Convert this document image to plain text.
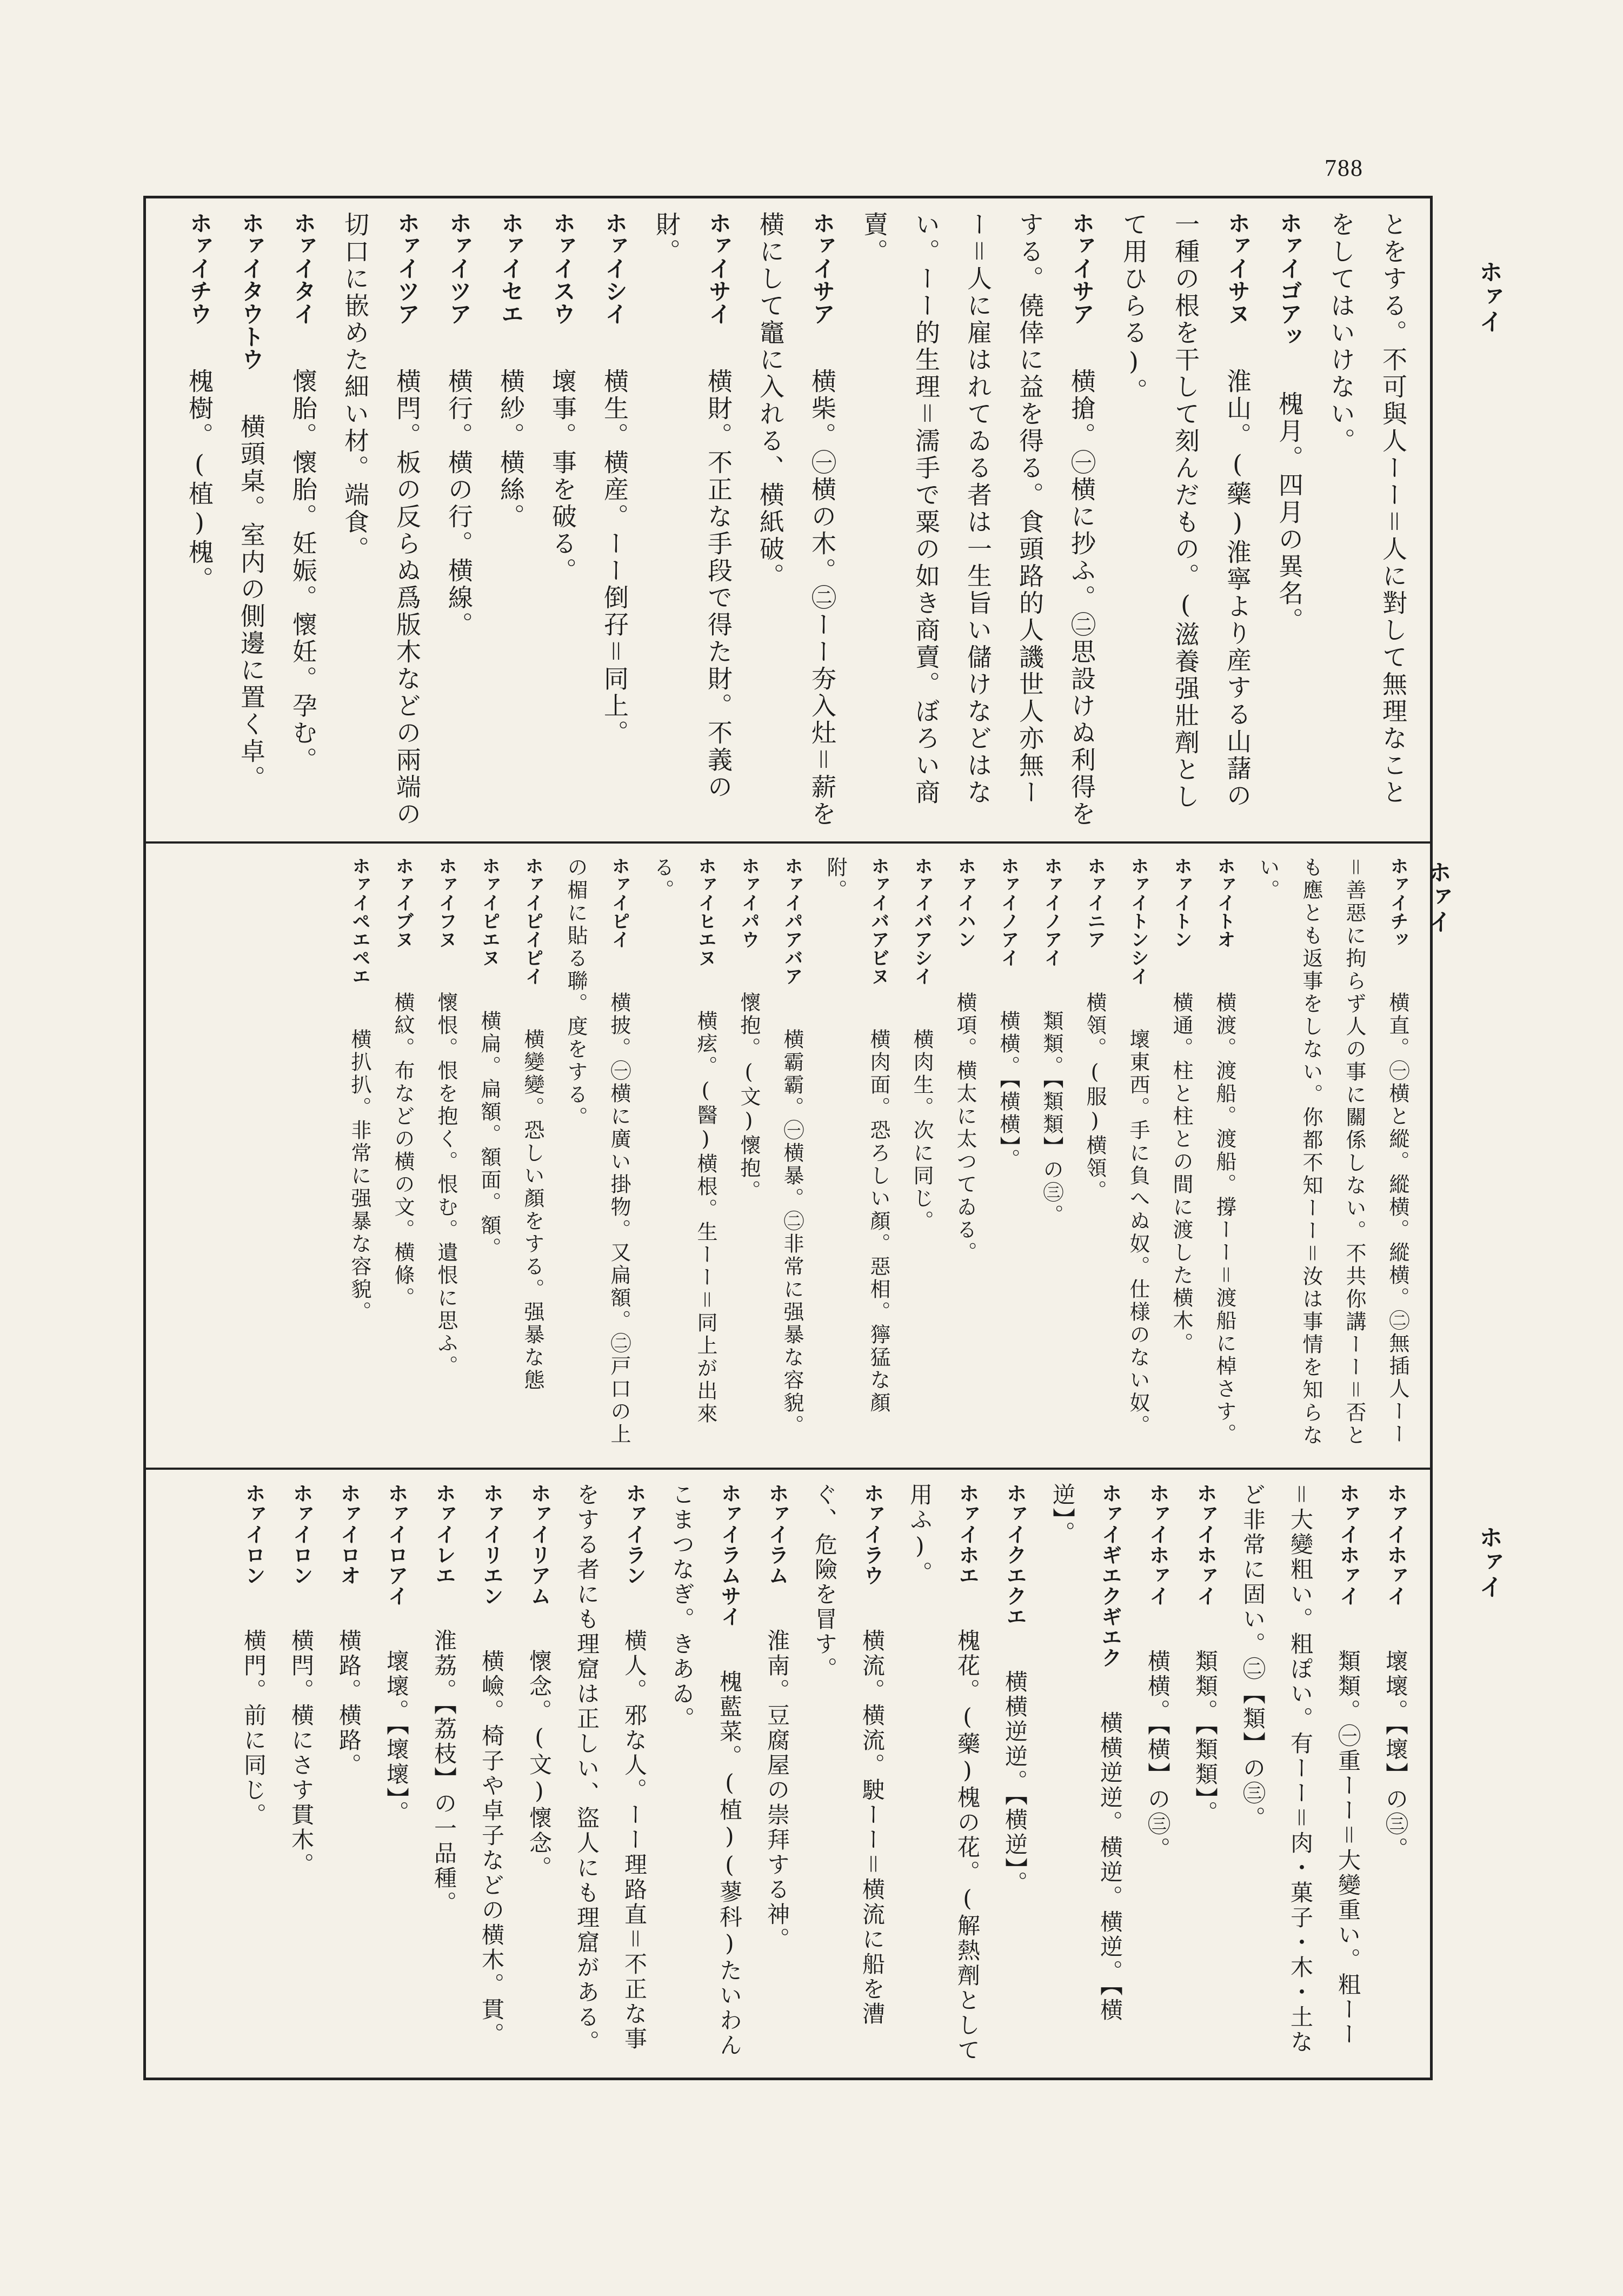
788
ホァイ
ホァイ
ホァイ
とをする。不可與人ーー＝人に對して無理なことをしてはいけない。
ホァイゴアッ 槐月。四月の異名。
ホァイサヌ 淮山。(藥)淮寧より産する山藷の一種の根を干して刻んだもの。(滋養强壯劑として用ひらる)。
ホァイサア 横搶。㊀横に抄ふ。㊁思設けぬ利得をする。僥倖に益を得る。食頭路的人譏世人亦無ーー＝人に雇はれてゐる者は一生旨い儲けなどはない。ーー的生理＝濡手で粟の如き商賣。ぼろい商賣。
ホァイサア 横柴。㊀横の木。㊁ーー夯入灶＝薪を横にして竈に入れる、横紙破。
ホァイサイ 横財。不正な手段で得た財。不義の財。
ホァイシイ 横生。横産。ーー倒孖＝同上。
ホァイスウ 壞事。事を破る。
ホァイセエ 横紗。横絲。
ホァイツア 横行。横の行。横線。
ホァイツア 横閂。板の反らぬ爲版木などの兩端の切口に嵌めた細い材。端食。
ホァイタイ 懷胎。懷胎。妊娠。懷妊。孕む。
ホァイタウトウ 横頭桌。室内の側邊に置く卓。
ホァイチウ 槐樹。(植)槐。
ホァイチッ 横直。㊀横と縱。縱横。縱横。㊁無插人ーー＝善惡に拘らず人の事に關係しない。不共你講ーー＝否とも應とも返事をしない。你都不知ーー＝汝は事情を知らない。
ホァイトオ 横渡。渡船。渡船。撐ーー＝渡船に棹さす。
ホァイトン 横通。柱と柱との間に渡した横木。
ホァイトンシイ 壞東西。手に負へぬ奴。仕様のない奴。
ホァイニア 横領。(服)横領。
ホァイノアイ 類類。【類類】の㊂。
ホァイノアイ 横横。【横横】。
ホァイハン 横項。横太に太つてゐる。
ホァイバアシイ 横肉生。次に同じ。
ホァイバアビヌ 横肉面。恐ろしい顏。惡相。獰猛な顏附。
ホァイパアバア 横霸霸。㊀横暴。㊁非常に强暴な容貌。
ホァイパウ 懷抱。(文)懷抱。
ホァイヒエヌ 横痃。(醫)横根。生ーー＝同上が出來る。
ホァイピイ 横披。㊀横に廣い掛物。又扁額。㊁戸口の上の楣に貼る聯。度をする。
ホァイピイピイ 横變變。恐しい顏をする。强暴な態
ホァイピエヌ 横扁。扁額。額面。額。
ホァイフヌ 懷恨。恨を抱く。恨む。遺恨に思ふ。
ホァイブヌ 横紋。布などの横の文。横條。
ホァイペエペエ 横扒扒。非常に强暴な容貌。
ホァイホァイ 壞壞。【壞】の㊂。
ホァイホァイ 類類。㊀重ーー＝大變重い。粗ーー＝大變粗い。粗ぽい。有ーー＝肉・菓子・木・土など非常に固い。㊁【類】の㊂。
ホァイホァイ 類類。【類類】。
ホァイホァイ 横横。【横】の㊂。
ホァイギエクギエク 横横逆逆。横逆。横逆。【横逆】。
ホァイクエクエ 横横逆逆。【横逆】。
ホァイホエ 槐花。(藥)槐の花。(解熱劑として用ふ)。
ホァイラウ 横流。横流。駛ーー＝横流に船を漕ぐ、危險を冒す。
ホァイラム 淮南。豆腐屋の崇拜する神。
ホァイラムサイ 槐藍菜。(植)(蓼科)たいわんこまつなぎ。きあゐ。
ホァイラン 横人。邪な人。ーー理路直＝不正な事をする者にも理窟は正しい、盜人にも理窟がある。
ホァイリアム 懷念。(文)懷念。
ホァイリエン 横嶮。椅子や卓子などの横木。貫。
ホァイレエ 淮荔。【荔枝】の一品種。
ホァイロアイ 壞壞。【壞壞】。
ホァイロオ 横路。横路。
ホァイロン 横閂。横にさす貫木。
ホァイロン 横門。前に同じ。
